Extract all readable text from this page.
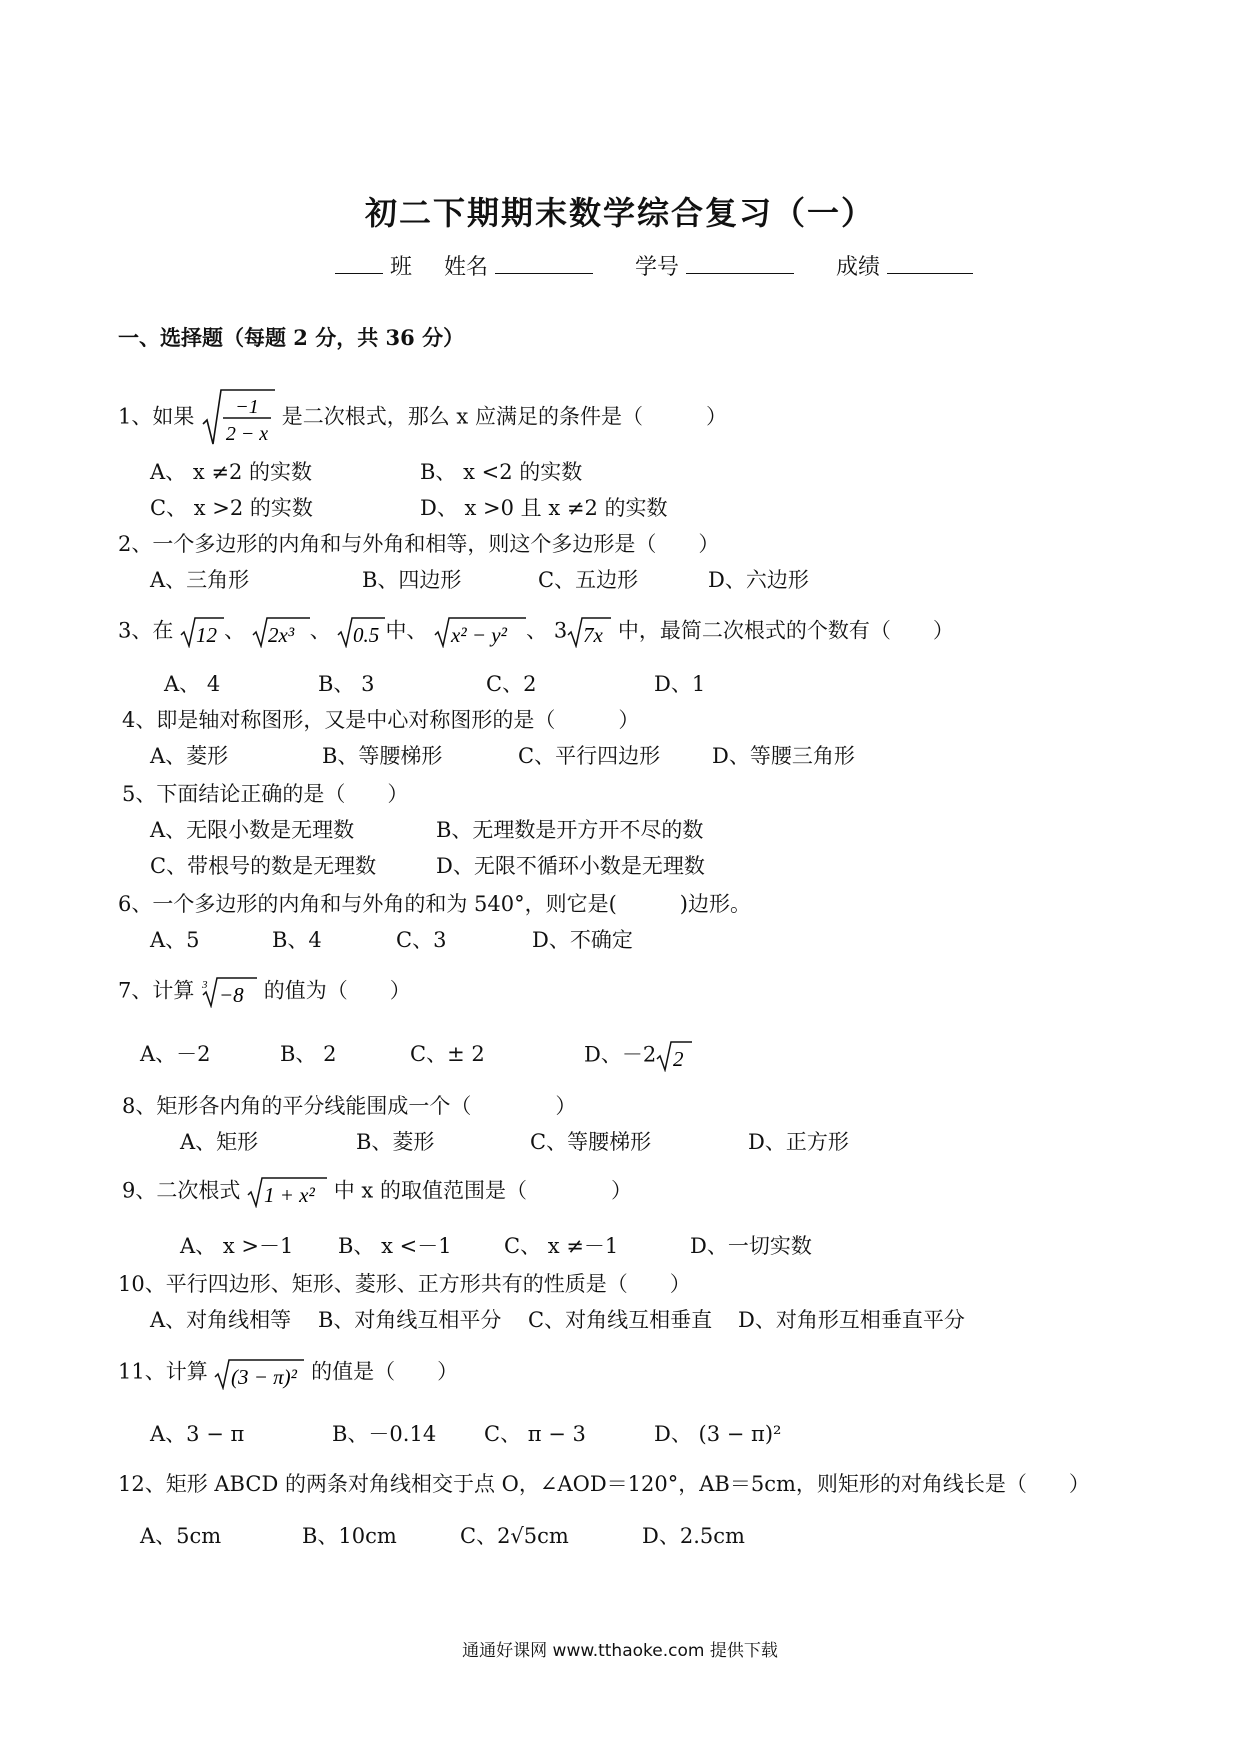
初二下期期末数学综合复习（一）
班 姓名	学号	成绩
一、选择题（每题 2 分，共 36 分）
1、如果 −1
2 − x
是二次根式，那么 x 应满足的条件是（　　　）
A、 x ≠2 的实数	B、 x <2 的实数
C、 x >2 的实数	D、 x >0 且 x ≠2 的实数
2、一个多边形的内角和与外角和相等，则这个多边形是（　　）
A、三角形	B、四边形	C、五边形	D、六边形
3、在 12 、 2x³ 、 0.5 中、 x² − y² 、 3 7x 中，最简二次根式的个数有（　　）
A、 4	B、 3	C、2	D、1
4、即是轴对称图形，又是中心对称图形的是（　　　）
A、菱形	B、等腰梯形	C、平行四边形 D、等腰三角形
5、下面结论正确的是（　　）
A、无限小数是无理数	B、无理数是开方开不尽的数
C、带根号的数是无理数	D、无限不循环小数是无理数
6、一个多边形的内角和与外角的和为 540°，则它是(　　　)边形。
A、5	B、4	C、3	D、不确定
7、计算 3 −8 的值为（　　）
A、－2	B、 2	C、± 2	D、－2 2
8、矩形各内角的平分线能围成一个（　　　　）
A、矩形	B、菱形	C、等腰梯形	D、正方形
9、二次根式 1 + x² 中 x 的取值范围是（　　　　）
A、 x >－1 B、 x <－1 C、 x ≠－1	D、一切实数
10、平行四边形、矩形、菱形、正方形共有的性质是（　　）
A、对角线相等 B、对角线互相平分 C、对角线互相垂直 D、对角形互相垂直平分
11、计算 (3 − π)² 的值是（　　）
A、3 − π	B、－0.14 C、 π − 3	D、 (3 − π)²
12、矩形 ABCD 的两条对角线相交于点 O，∠AOD＝120°，AB＝5cm，则矩形的对角线长是（　　）
A、5cm	B、10cm	C、2√5cm	D、2.5cm
通通好课网 www.tthaoke.com 提供下载
